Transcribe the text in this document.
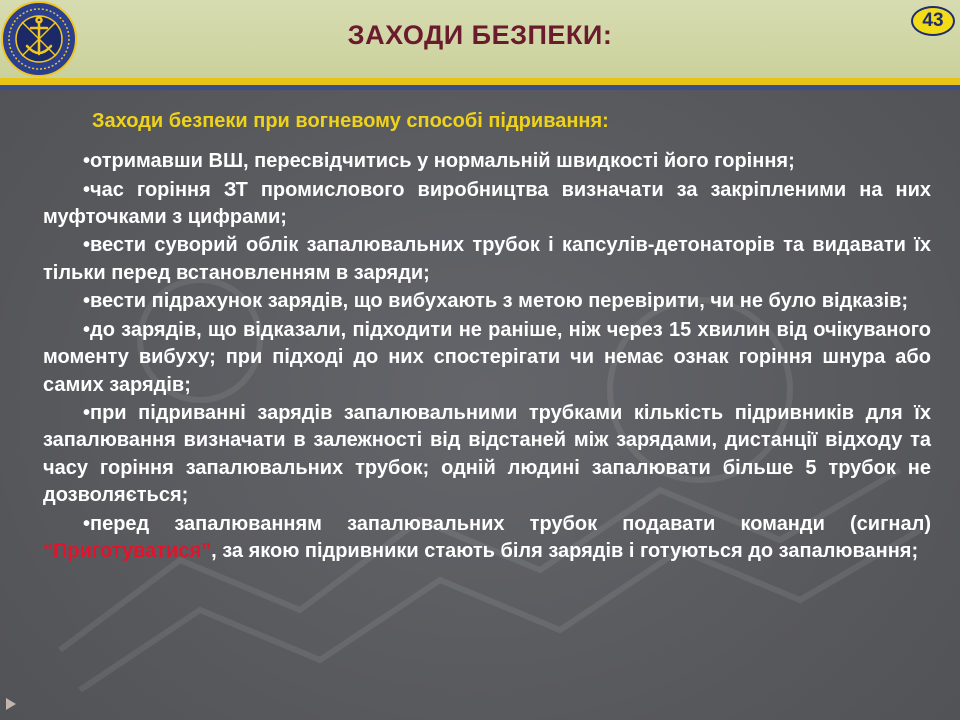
ЗАХОДИ БЕЗПЕКИ:	43
Заходи безпеки при вогневому способі підривання:

•отримавши ВШ, пересвідчитись у нормальній швидкості його горіння;

•час горіння ЗТ промислового виробництва визначати за закріпленими на них муфточками з цифрами;

•вести суворий облік запалювальних трубок і капсулів-детонаторів та видавати їх тільки перед встановленням в заряди;

•вести підрахунок зарядів, що вибухають з метою перевірити, чи не було відказів;

•до зарядів, що відказали, підходити не раніше, ніж через 15 хвилин від очікуваного моменту вибуху; при підході до них спостерігати чи немає ознак горіння шнура або самих зарядів;

•при підриванні зарядів запалювальними трубками кількість підривників для їх запалювання визначати в залежності від відстаней між зарядами, дистанції відходу та часу горіння запалювальних трубок; одній людині запалювати більше 5 трубок не дозволяється;

•перед запалюванням запалювальних трубок подавати команди (сигнал) “Приготуватися”, за якою підривники стають біля зарядів і готуються до запалювання;
